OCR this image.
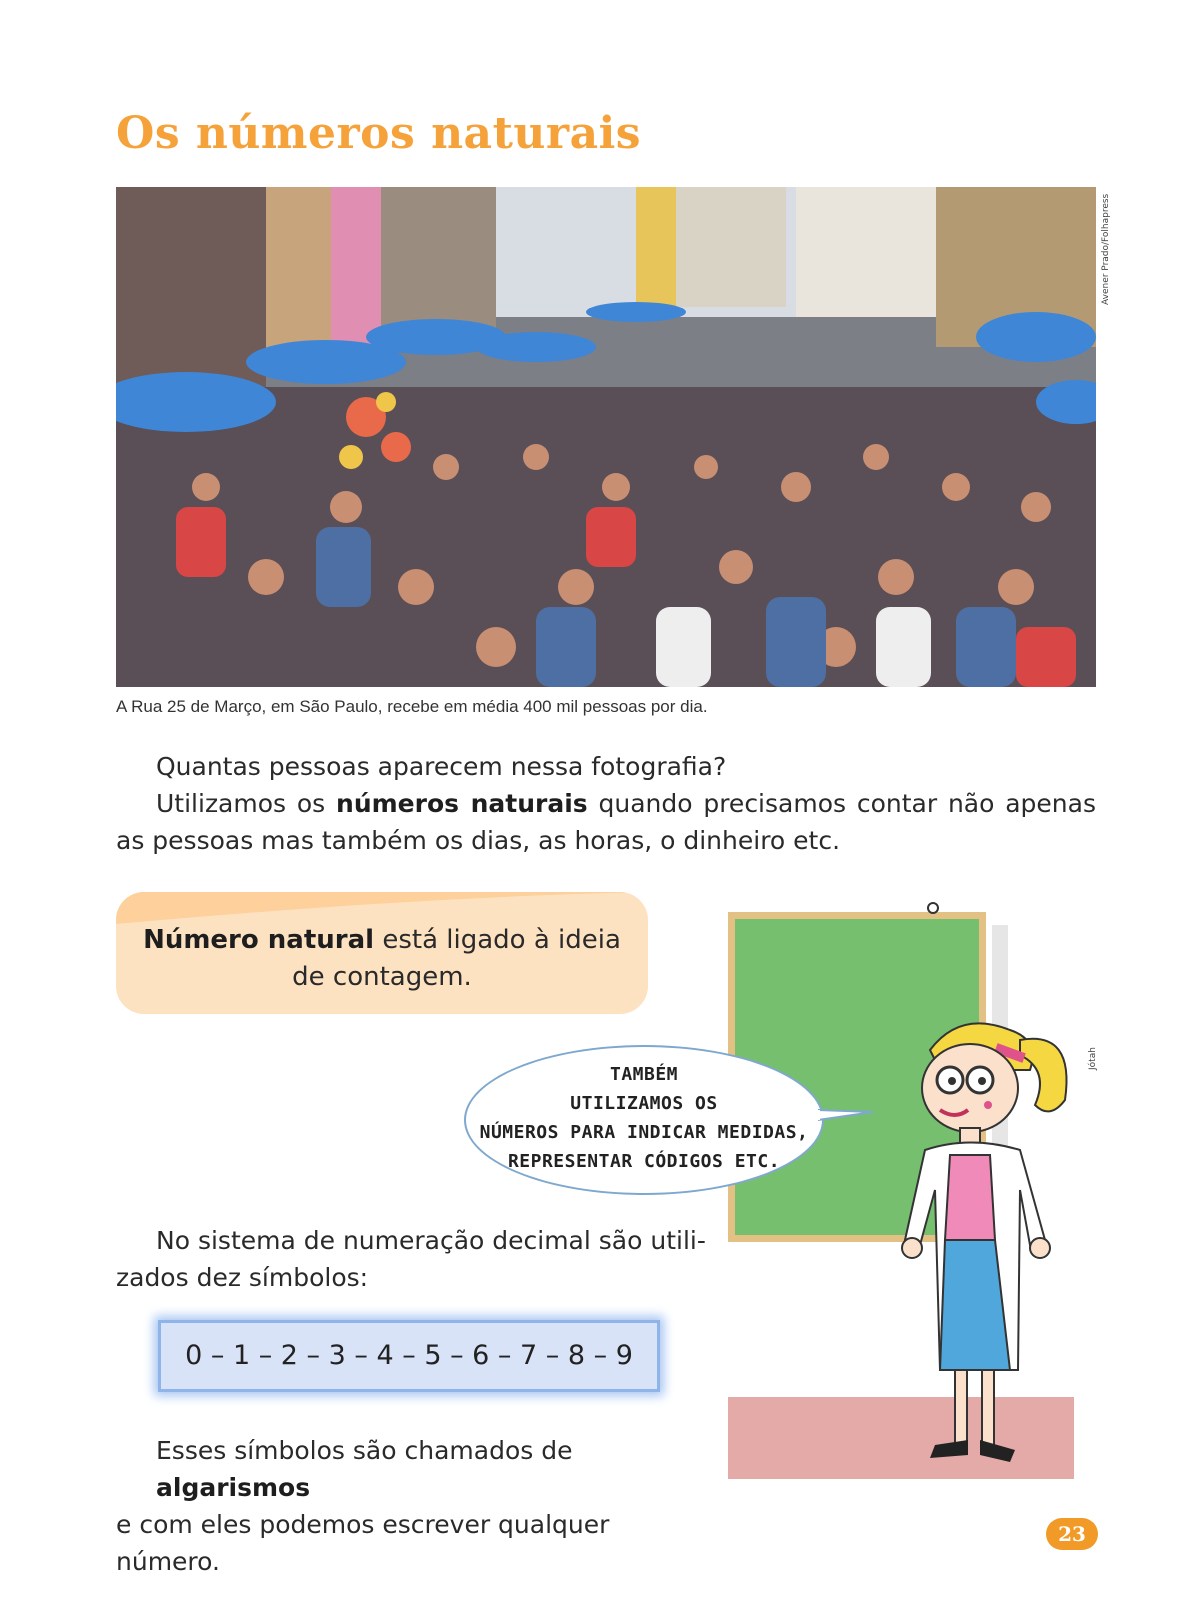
Os números naturais
Avener Prado/Folhapress
A Rua 25 de Março, em São Paulo, recebe em média 400 mil pessoas por dia.
Quantas pessoas aparecem nessa fotografia?
Utilizamos os números naturais quando precisamos contar não apenas as pessoas mas também os dias, as horas, o dinheiro etc.
Número natural está ligado à ideia
de contagem.
Jótah
TAMBÉM
UTILIZAMOS OS
NÚMEROS PARA INDICAR MEDIDAS,
REPRESENTAR CÓDIGOS ETC.
No sistema de numeração decimal são utili-
zados dez símbolos:
0 – 1 – 2 – 3 – 4 – 5 – 6 – 7 – 8 – 9
Esses símbolos são chamados de algarismos
e com eles podemos escrever qualquer número.
23
